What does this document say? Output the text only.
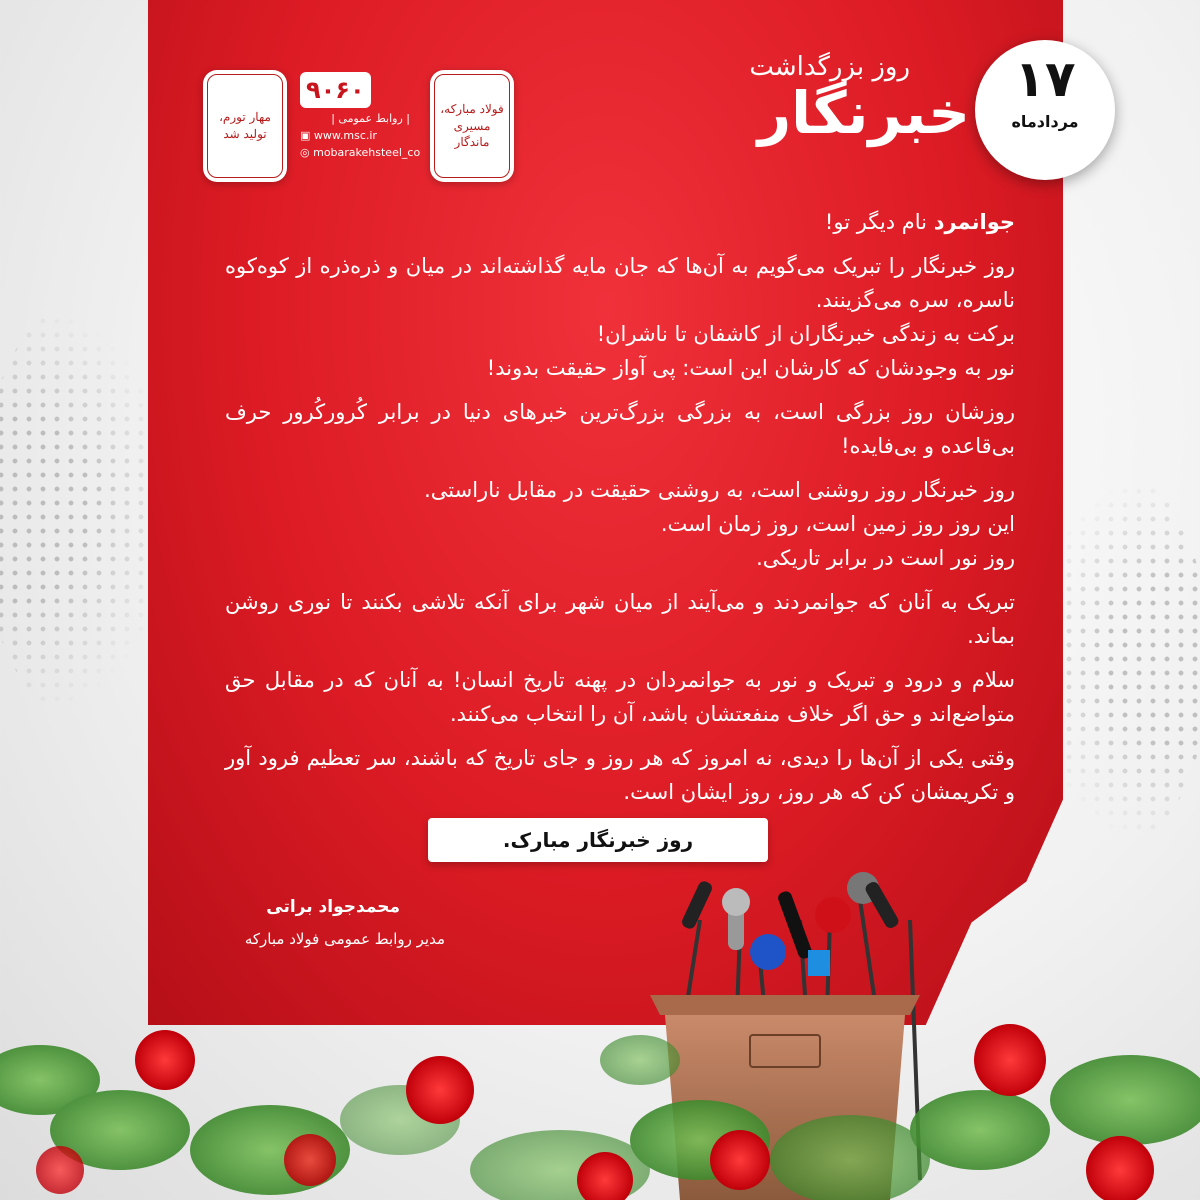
روز بزرگداشت
خبرنگار ۱۷
مردادماه
مهار تورم، تولید شد
۹۰۶۰
| روابط عمومی |
▣ www.msc.ir
◎ mobarakehsteel_co
فولاد مبارکه، مسیری ماندگار

جوانمرد نام دیگر تو!

روز خبرنگار را تبریک می‌گویم به آن‌ها که جان مایه گذاشته‌اند در میان و ذره‌ذره از کوه‌کوه ناسره، سره می‌گزینند.

برکت به زندگی خبرنگاران از کاشفان تا ناشران!

نور به وجودشان که کارشان این است: پی آواز حقیقت بدوند!

روزشان روز بزرگی است، به بزرگی بزرگ‌ترین خبرهای دنیا در برابر کُرورکُرور حرف بی‌قاعده و بی‌فایده!

روز خبرنگار روز روشنی است، به روشنی حقیقت در مقابل ناراستی.

این روز روز زمین است، روز زمان است.

روز نور است در برابر تاریکی.

تبریک به آنان که جوانمردند و می‌آیند از میان شهر برای آنکه تلاشی بکنند تا نوری روشن بماند.

سلام و درود و تبریک و نور به جوانمردان در پهنه تاریخ انسان! به آنان که در مقابل حق متواضع‌اند و حق اگر خلاف منفعتشان باشد، آن را انتخاب می‌کنند.

وقتی یکی از آن‌ها را دیدی، نه امروز که هر روز و جای تاریخ که باشند، سر تعظیم فرود آور و تکریمشان کن که هر روز، روز ایشان است.

روز خبرنگار مبارک.
محمدجواد براتی
مدیر روابط عمومی فولاد مبارکه
